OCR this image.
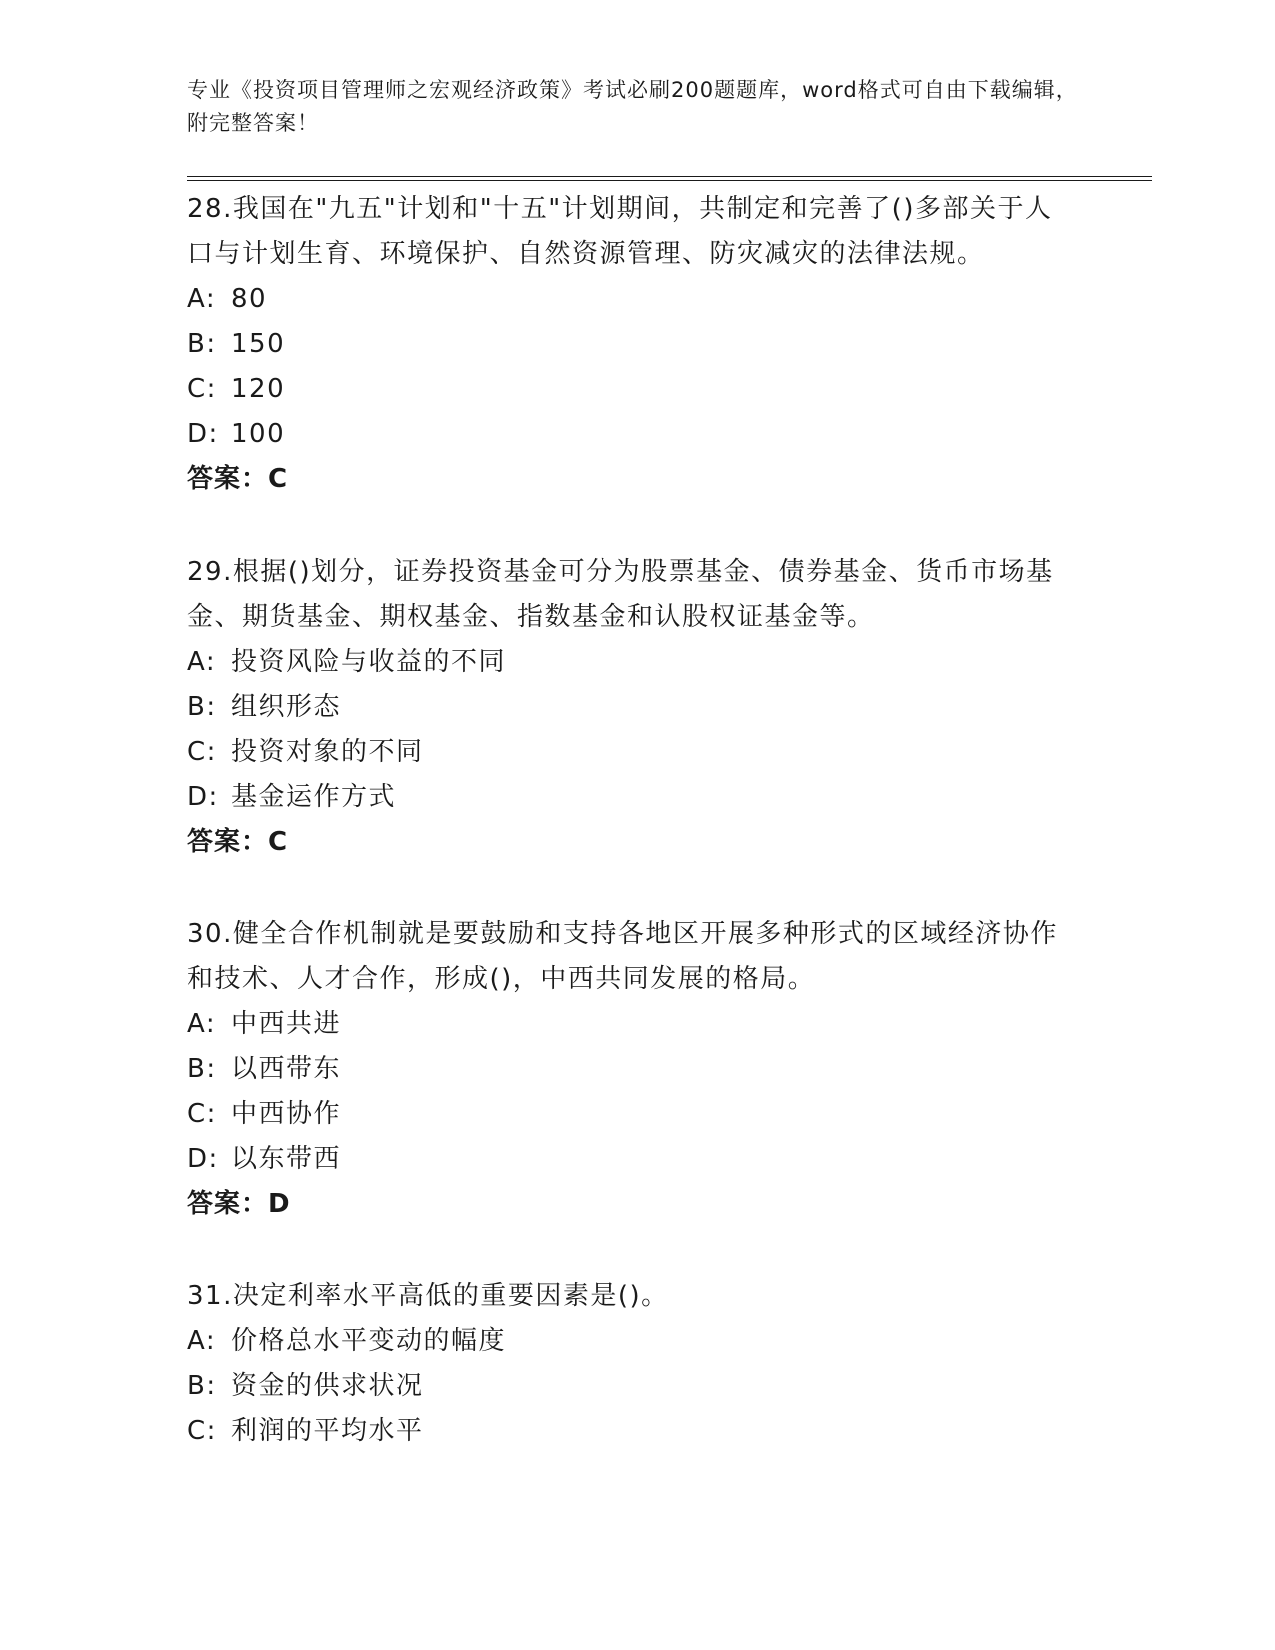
专业《投资项目管理师之宏观经济政策》考试必刷200题题库，word格式可自由下载编辑，附完整答案！

28.我国在"九五"计划和"十五"计划期间，共制定和完善了()多部关于人口与计划生育、环境保护、自然资源管理、防灾减灾的法律法规。

A: 80

B: 150

C: 120

D: 100

答案：C

29.根据()划分，证券投资基金可分为股票基金、债券基金、货币市场基金、期货基金、期权基金、指数基金和认股权证基金等。

A: 投资风险与收益的不同

B: 组织形态

C: 投资对象的不同

D: 基金运作方式

答案：C

30.健全合作机制就是要鼓励和支持各地区开展多种形式的区域经济协作和技术、人才合作，形成()，中西共同发展的格局。

A: 中西共进

B: 以西带东

C: 中西协作

D: 以东带西

答案：D

31.决定利率水平高低的重要因素是()。

A: 价格总水平变动的幅度

B: 资金的供求状况

C: 利润的平均水平
